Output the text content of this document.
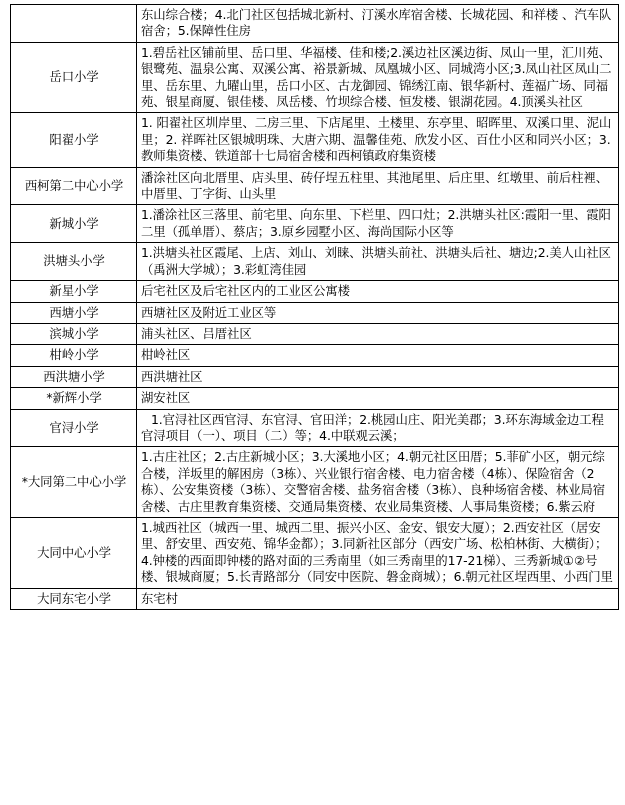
	东山综合楼；4.北门社区包括城北新村、汀溪水库宿舍楼、长城花园、和祥楼 、汽车队宿舍；5.保障性住房
岳口小学	1.碧岳社区铺前里、岳口里、华福楼、佳和楼;2.溪边社区溪边街、凤山一里，汇川苑、银鹭苑、温泉公寓、双溪公寓、裕景新城、凤凰城小区、同城湾小区;3.凤山社区凤山二里、岳东里、九曜山里，岳口小区、古龙御园、锦绣江南、银华新村、莲福广场、同福苑、银星商厦、银佳楼、凤岳楼、竹坝综合楼、恒发楼、银湖花园。4.顶溪头社区
阳翟小学	1. 阳翟社区圳岸里、二房三里、下店尾里、土楼里、东亭里、昭晖里、双溪口里、泥山里；2. 祥晖社区银城明珠、大唐六期、温馨佳苑、欣发小区、百仕小区和同兴小区；3.教师集资楼、铁道部十七局宿舍楼和西柯镇政府集资楼
西柯第二中心小学	潘涂社区向北厝里、店头里、砖仔埕五柱里、其池尾里、后庄里、红墩里、前后柱裡、中厝里、丁字街、山头里
新城小学	1.潘涂社区三落里、前宅里、向东里、下栏里、四口灶；2.洪塘头社区:霞阳一里、霞阳二里（孤单厝）、蔡店；3.原乡园墅小区、海尚国际小区等
洪塘头小学	1.洪塘头社区霞尾、上店、刘山、刘睐、洪塘头前社、洪塘头后社、塘边;2.美人山社区（禹洲大学城）；3.彩虹湾佳园
新星小学	后宅社区及后宅社区内的工业区公寓楼
西塘小学	西塘社区及附近工业区等
滨城小学	浦头社区、吕厝社区
柑岭小学	柑岭社区
西洪塘小学	西洪塘社区
*新辉小学	湖安社区
官浔小学	1.官浔社区西官浔、东官浔、官田洋；2.桃园山庄、阳光美郡；3.环东海域金边工程官浔项目（一）、项目（二）等；4.中联观云溪；
*大同第二中心小学	1.古庄社区；2.古庄新城小区；3.大溪地小区；4.朝元社区田厝；5.菲矿小区，朝元综合楼，洋坂里的解困房（3栋）、兴业银行宿舍楼、电力宿舍楼（4栋）、保险宿舍（2栋）、公安集资楼（3栋）、交警宿舍楼、盐务宿舍楼（3栋）、良种场宿舍楼、林业局宿舍楼、古庄里教育集资楼、交通局集资楼、农业局集资楼、人事局集资楼；6.紫云府
大同中心小学	1.城西社区（城西一里、城西二里、振兴小区、金安、银安大厦）；2.西安社区（居安里、舒安里、西安苑、锦华金都）；3.同新社区部分（西安广场、松柏林街、大横街）；4.钟楼的西面即钟楼的路对面的三秀南里（如三秀南里的17-21梯）、三秀新城①②号楼、银城商厦；5.长青路部分（同安中医院、磐金商城）；6.朝元社区埕西里、小西门里
大同东宅小学	东宅村
